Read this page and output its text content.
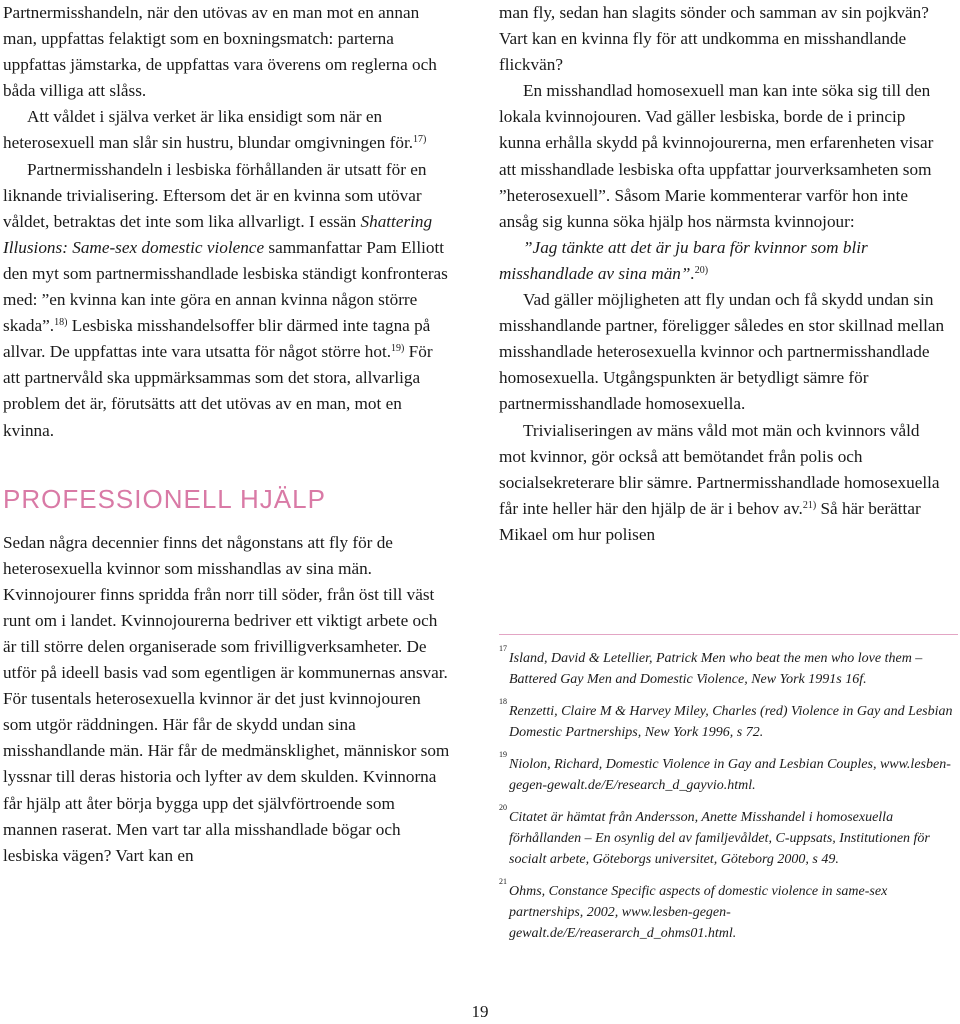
Partnermisshandeln, när den utövas av en man mot en annan man, uppfattas felaktigt som en boxningsmatch: parterna uppfattas jämstarka, de uppfattas vara överens om reglerna och båda villiga att slåss.

Att våldet i själva verket är lika ensidigt som när en heterosexuell man slår sin hustru, blundar omgivningen för.$^{17)}$

Partnermisshandeln i lesbiska förhållanden är utsatt för en liknande trivialisering. Eftersom det är en kvinna som utövar våldet, betraktas det inte som lika allvarligt. I essän Shattering Illusions: Same-sex domestic violence sammanfattar Pam Elliott den myt som partnermisshandlade lesbiska ständigt konfronteras med: ”en kvinna kan inte göra en annan kvinna någon större skada”.$^{18)}$ Lesbiska misshandelsoffer blir därmed inte tagna på allvar. De uppfattas inte vara utsatta för något större hot.$^{19)}$ För att partnervåld ska uppmärksammas som det stora, allvarliga problem det är, förutsätts att det utövas av en man, mot en kvinna.

PROFESSIONELL HJÄLP

Sedan några decennier finns det någonstans att fly för de heterosexuella kvinnor som misshandlas av sina män. Kvinnojourer finns spridda från norr till söder, från öst till väst runt om i landet. Kvinnojourerna bedriver ett viktigt arbete och är till större delen organiserade som frivilligverksamheter. De utför på ideell basis vad som egentligen är kommunernas ansvar. För tusentals heterosexuella kvinnor är det just kvinnojouren som utgör räddningen. Här får de skydd undan sina misshandlande män. Här får de medmänsklighet, människor som lyssnar till deras historia och lyfter av dem skulden. Kvinnorna får hjälp att åter börja bygga upp det självförtroende som mannen raserat. Men vart tar alla misshandlade bögar och lesbiska vägen? Vart kan en

man fly, sedan han slagits sönder och samman av sin pojkvän? Vart kan en kvinna fly för att undkomma en misshandlande flickvän?

En misshandlad homosexuell man kan inte söka sig till den lokala kvinnojouren. Vad gäller lesbiska, borde de i princip kunna erhålla skydd på kvinnojourerna, men erfarenheten visar att misshandlade lesbiska ofta uppfattar jourverksamheten som ”heterosexuell”. Såsom Marie kommenterar varför hon inte ansåg sig kunna söka hjälp hos närmsta kvinnojour:

”Jag tänkte att det är ju bara för kvinnor som blir misshandlade av sina män”.$^{20)}$

Vad gäller möjligheten att fly undan och få skydd undan sin misshandlande partner, föreligger således en stor skillnad mellan misshandlade heterosexuella kvinnor och partnermisshandlade homosexuella. Utgångspunkten är betydligt sämre för partnermisshandlade homosexuella.

Trivialiseringen av mäns våld mot män och kvinnors våld mot kvinnor, gör också att bemötandet från polis och socialsekreterare blir sämre. Partnermisshandlade homosexuella får inte heller här den hjälp de är i behov av.$^{21)}$ Så här berättar Mikael om hur polisen

17
Island, David & Letellier, Patrick Men who beat the men who love them – Battered Gay Men and Domestic Violence, New York 1991s 16f.
18
Renzetti, Claire M & Harvey Miley, Charles (red) Violence in Gay and Lesbian Domestic Partnerships, New York 1996, s 72.
19
Niolon, Richard, Domestic Violence in Gay and Lesbian Couples, www.lesben-gegen-gewalt.de/E/research_d_gayvio.html.
20
Citatet är hämtat från Andersson, Anette Misshandel i homosexuella förhållanden – En osynlig del av familjevåldet, C-uppsats, Institutionen för socialt arbete, Göteborgs universitet, Göteborg 2000, s 49.
21
Ohms, Constance Specific aspects of domestic violence in same-sex partnerships, 2002, www.lesben-gegen-gewalt.de/E/reaserarch_d_ohms01.html.
19
